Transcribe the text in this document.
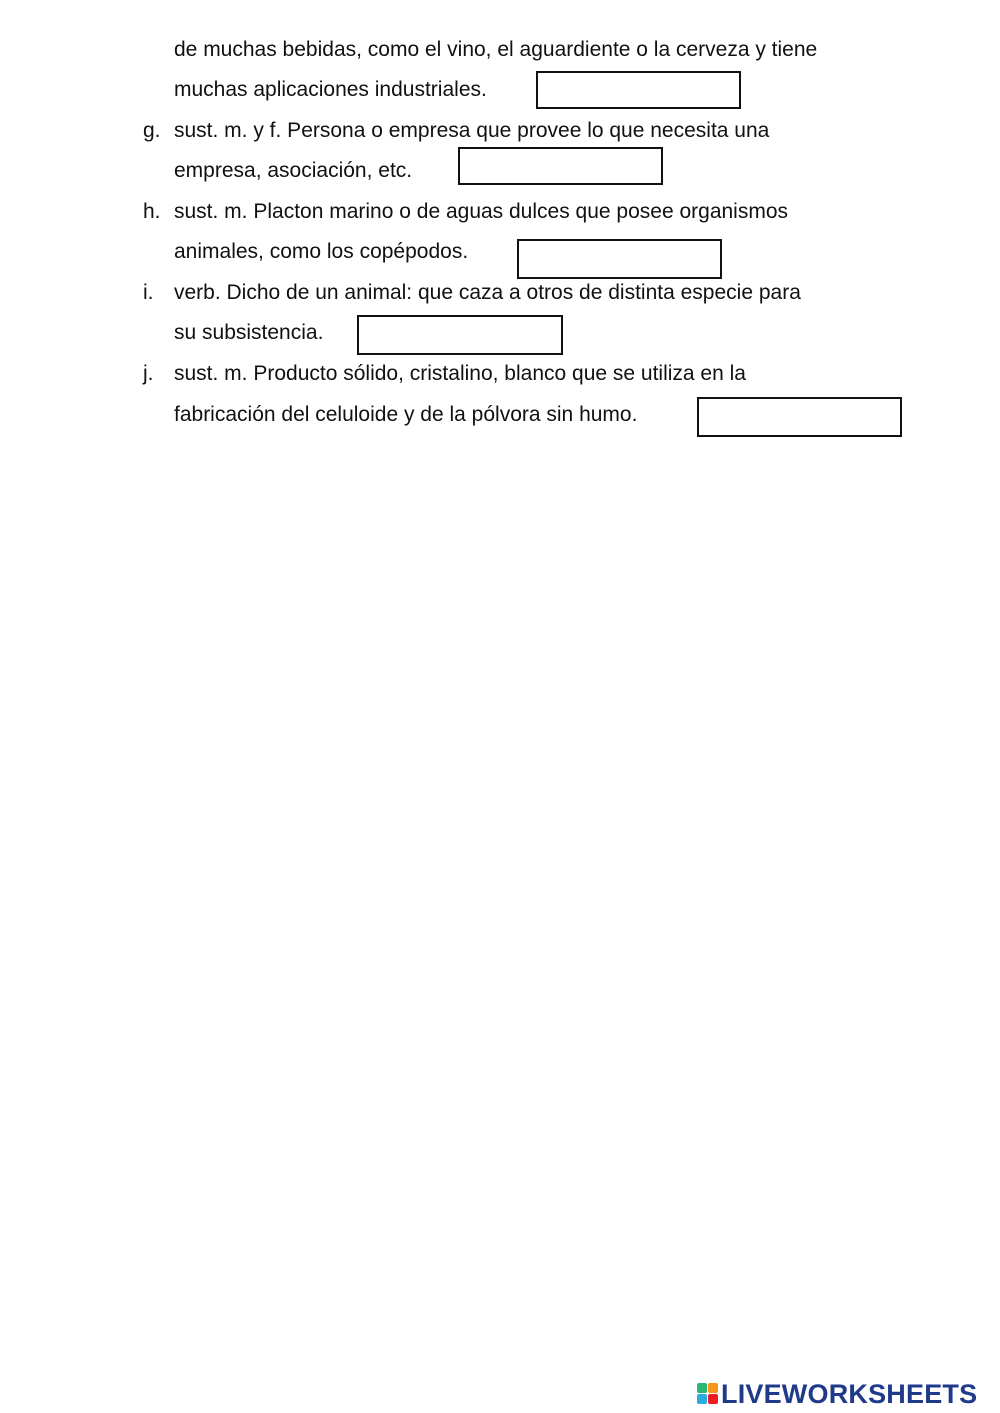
de muchas bebidas, como el vino, el aguardiente o la cerveza y tiene
muchas aplicaciones industriales.
g. sust. m. y f. Persona o empresa que provee lo que necesita una
empresa, asociación, etc.
h. sust. m. Placton marino o de aguas dulces que posee organismos
animales, como los copépodos.
i. verb. Dicho de un animal: que caza a otros de distinta especie para
su subsistencia.
j. sust. m. Producto sólido, cristalino, blanco que se utiliza en la
fabricación del celuloide y de la pólvora sin humo.
LIVEWORKSHEETS
